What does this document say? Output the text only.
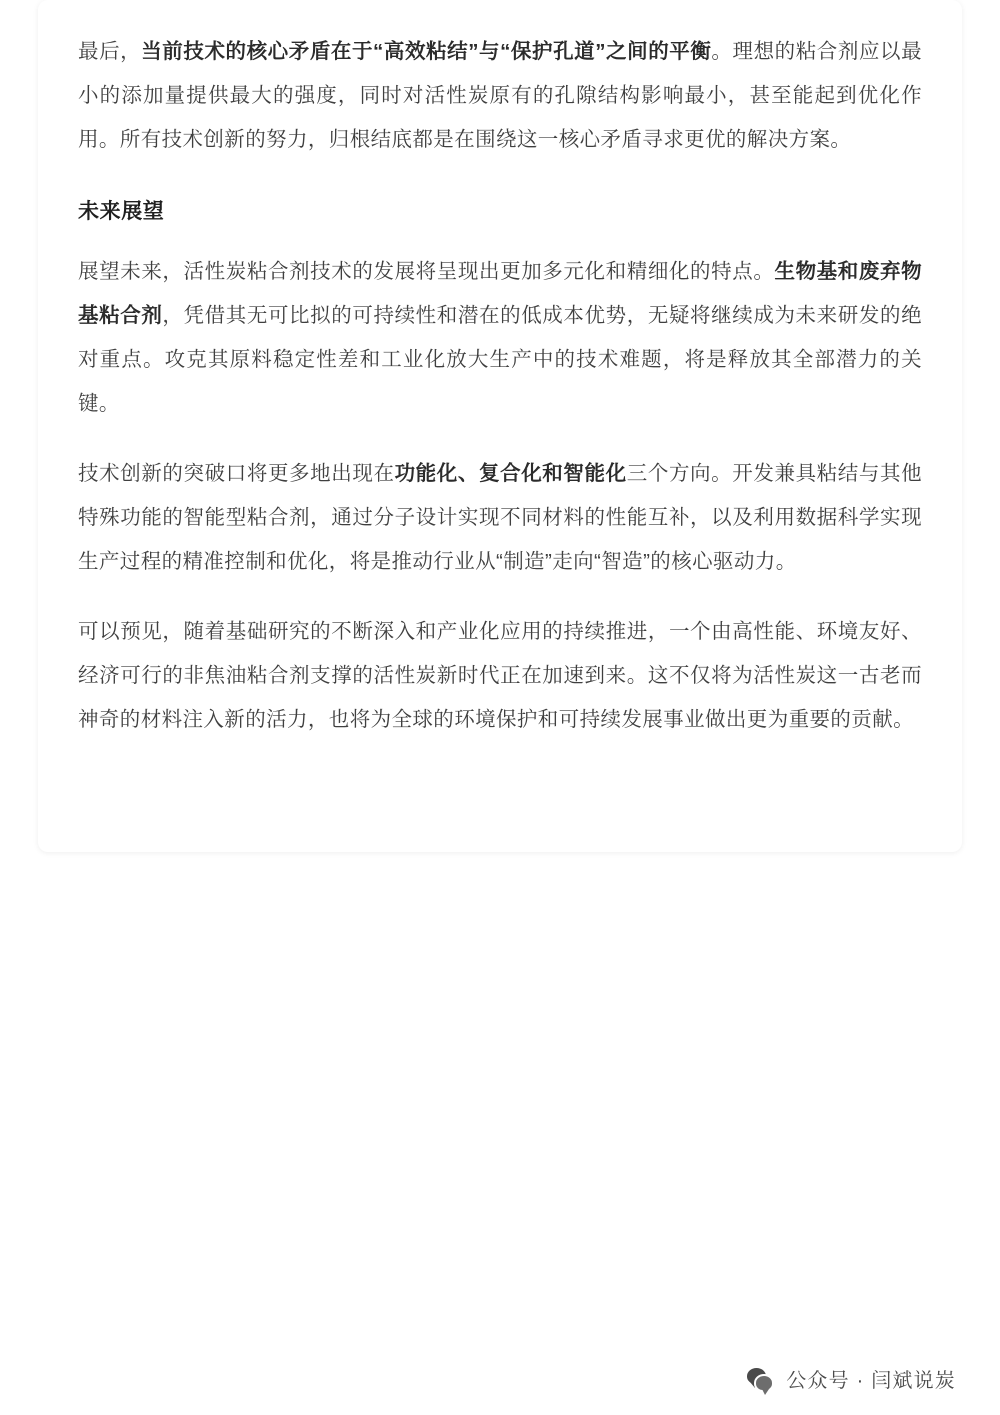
最后，当前技术的核心矛盾在于“高效粘结”与“保护孔道”之间的平衡。理想的粘合剂应以最小的添加量提供最大的强度，同时对活性炭原有的孔隙结构影响最小，甚至能起到优化作用。所有技术创新的努力，归根结底都是在围绕这一核心矛盾寻求更优的解决方案。

未来展望

展望未来，活性炭粘合剂技术的发展将呈现出更加多元化和精细化的特点。生物基和废弃物基粘合剂，凭借其无可比拟的可持续性和潜在的低成本优势，无疑将继续成为未来研发的绝对重点。攻克其原料稳定性差和工业化放大生产中的技术难题，将是释放其全部潜力的关键。

技术创新的突破口将更多地出现在功能化、复合化和智能化三个方向。开发兼具粘结与其他特殊功能的智能型粘合剂，通过分子设计实现不同材料的性能互补，以及利用数据科学实现生产过程的精准控制和优化，将是推动行业从“制造”走向“智造”的核心驱动力。

可以预见，随着基础研究的不断深入和产业化应用的持续推进，一个由高性能、环境友好、经济可行的非焦油粘合剂支撑的活性炭新时代正在加速到来。这不仅将为活性炭这一古老而神奇的材料注入新的活力，也将为全球的环境保护和可持续发展事业做出更为重要的贡献。

公众号 · 闫斌说炭
